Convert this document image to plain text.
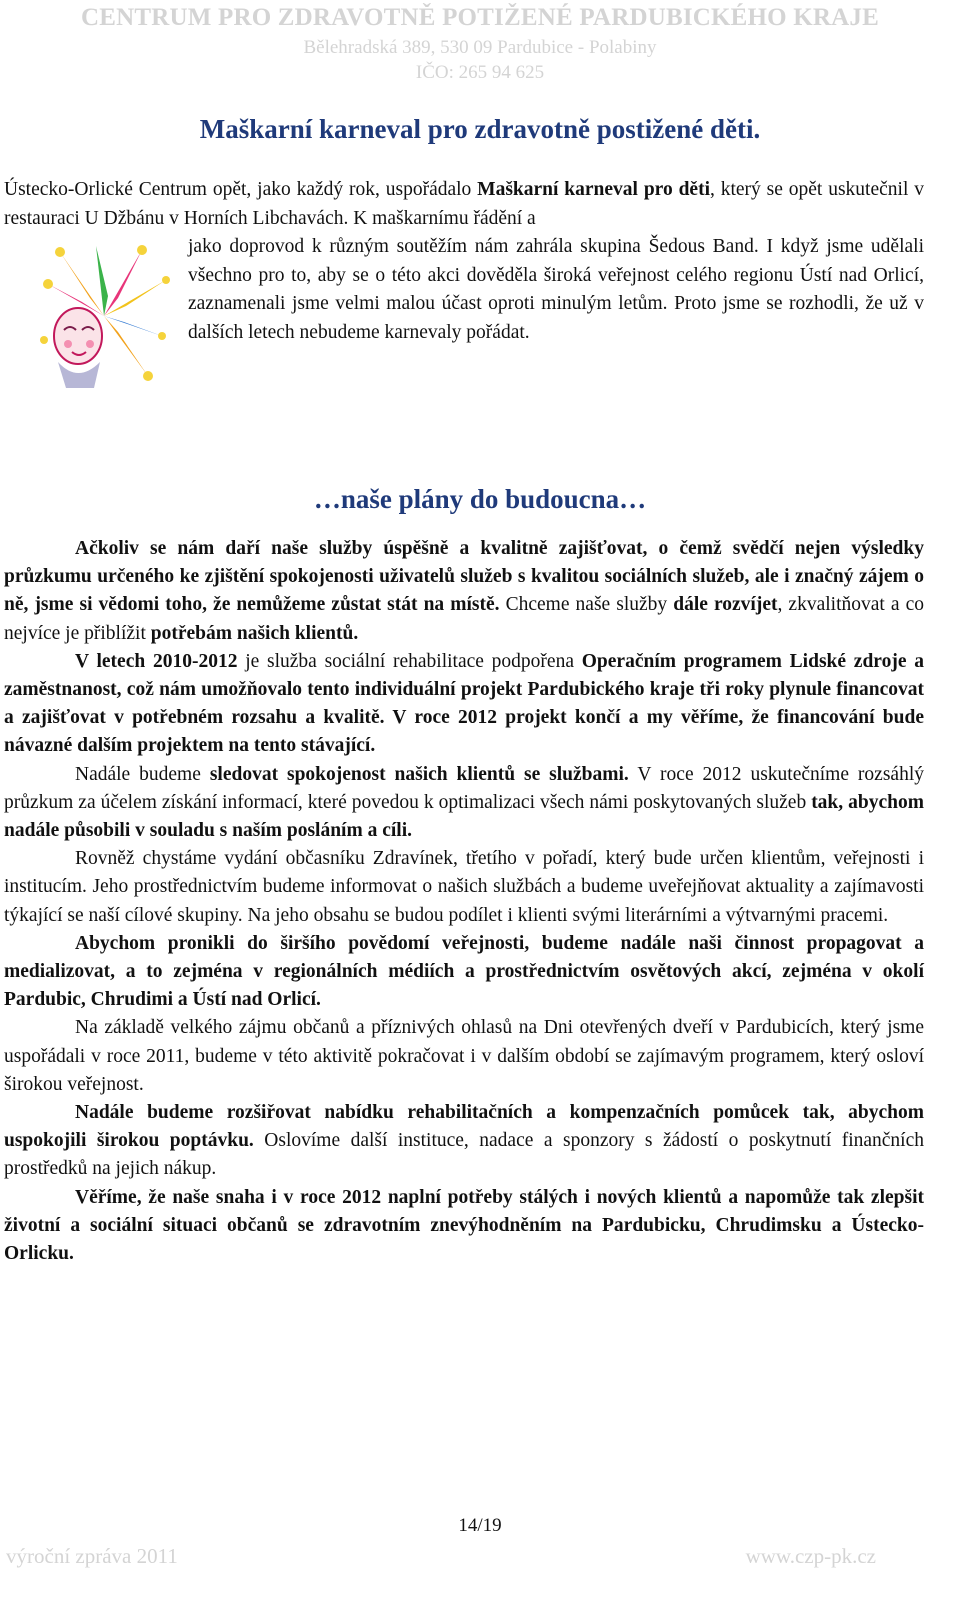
CENTRUM PRO ZDRAVOTNĚ POTIŽENÉ PARDUBICKÉHO KRAJE
Bělehradská 389, 530 09 Pardubice - Polabiny
IČO: 265 94 625
Maškarní karneval pro zdravotně postižené děti.
Ústecko-Orlické Centrum opět, jako každý rok, uspořádalo Maškarní karneval pro děti, který se opět uskutečnil v restauraci U Džbánu v Horních Libchavách. K maškarnímu řádění a
jako doprovod k různým soutěžím nám zahrála skupina Šedous Band. I když jsme udělali všechno pro to, aby se o této akci dověděla široká veřejnost celého regionu Ústí nad Orlicí, zaznamenali jsme velmi malou účast oproti minulým letům. Proto jsme se rozhodli, že už v dalších letech nebudeme karnevaly pořádat.
…naše plány do budoucna…

Ačkoliv se nám daří naše služby úspěšně a kvalitně zajišťovat, o čemž svědčí nejen výsledky průzkumu určeného ke zjištění spokojenosti uživatelů služeb s kvalitou sociálních služeb, ale i značný zájem o ně, jsme si vědomi toho, že nemůžeme zůstat stát na místě. Chceme naše služby dále rozvíjet, zkvalitňovat a co nejvíce je přiblížit potřebám našich klientů.

V letech 2010-2012 je služba sociální rehabilitace podpořena Operačním programem Lidské zdroje a zaměstnanost, což nám umožňovalo tento individuální projekt Pardubického kraje tři roky plynule financovat a zajišťovat v potřebném rozsahu a kvalitě. V roce 2012 projekt končí a my věříme, že financování bude návazné dalším projektem na tento stávající.

Nadále budeme sledovat spokojenost našich klientů se službami. V roce 2012 uskutečníme rozsáhlý průzkum za účelem získání informací, které povedou k optimalizaci všech námi poskytovaných služeb tak, abychom nadále působili v souladu s naším posláním a cíli.

Rovněž chystáme vydání občasníku Zdravínek, třetího v pořadí, který bude určen klientům, veřejnosti i institucím. Jeho prostřednictvím budeme informovat o našich službách a budeme uveřejňovat aktuality a zajímavosti týkající se naší cílové skupiny. Na jeho obsahu se budou podílet i klienti svými literárními a výtvarnými pracemi.

Abychom pronikli do širšího povědomí veřejnosti, budeme nadále naši činnost propagovat a medializovat, a to zejména v regionálních médiích a prostřednictvím osvětových akcí, zejména v okolí Pardubic, Chrudimi a Ústí nad Orlicí.

Na základě velkého zájmu občanů a příznivých ohlasů na Dni otevřených dveří v Pardubicích, který jsme uspořádali v roce 2011, budeme v této aktivitě pokračovat i v dalším období se zajímavým programem, který osloví širokou veřejnost.

Nadále budeme rozšiřovat nabídku rehabilitačních a kompenzačních pomůcek tak, abychom uspokojili širokou poptávku. Oslovíme další instituce, nadace a sponzory s žádostí o poskytnutí finančních prostředků na jejich nákup.

Věříme, že naše snaha i v roce 2012 naplní potřeby stálých i nových klientů a napomůže tak zlepšit životní a sociální situaci občanů se zdravotním znevýhodněním na Pardubicku, Chrudimsku a Ústecko-Orlicku.

14/19
výroční zpráva 2011	www.czp-pk.cz
